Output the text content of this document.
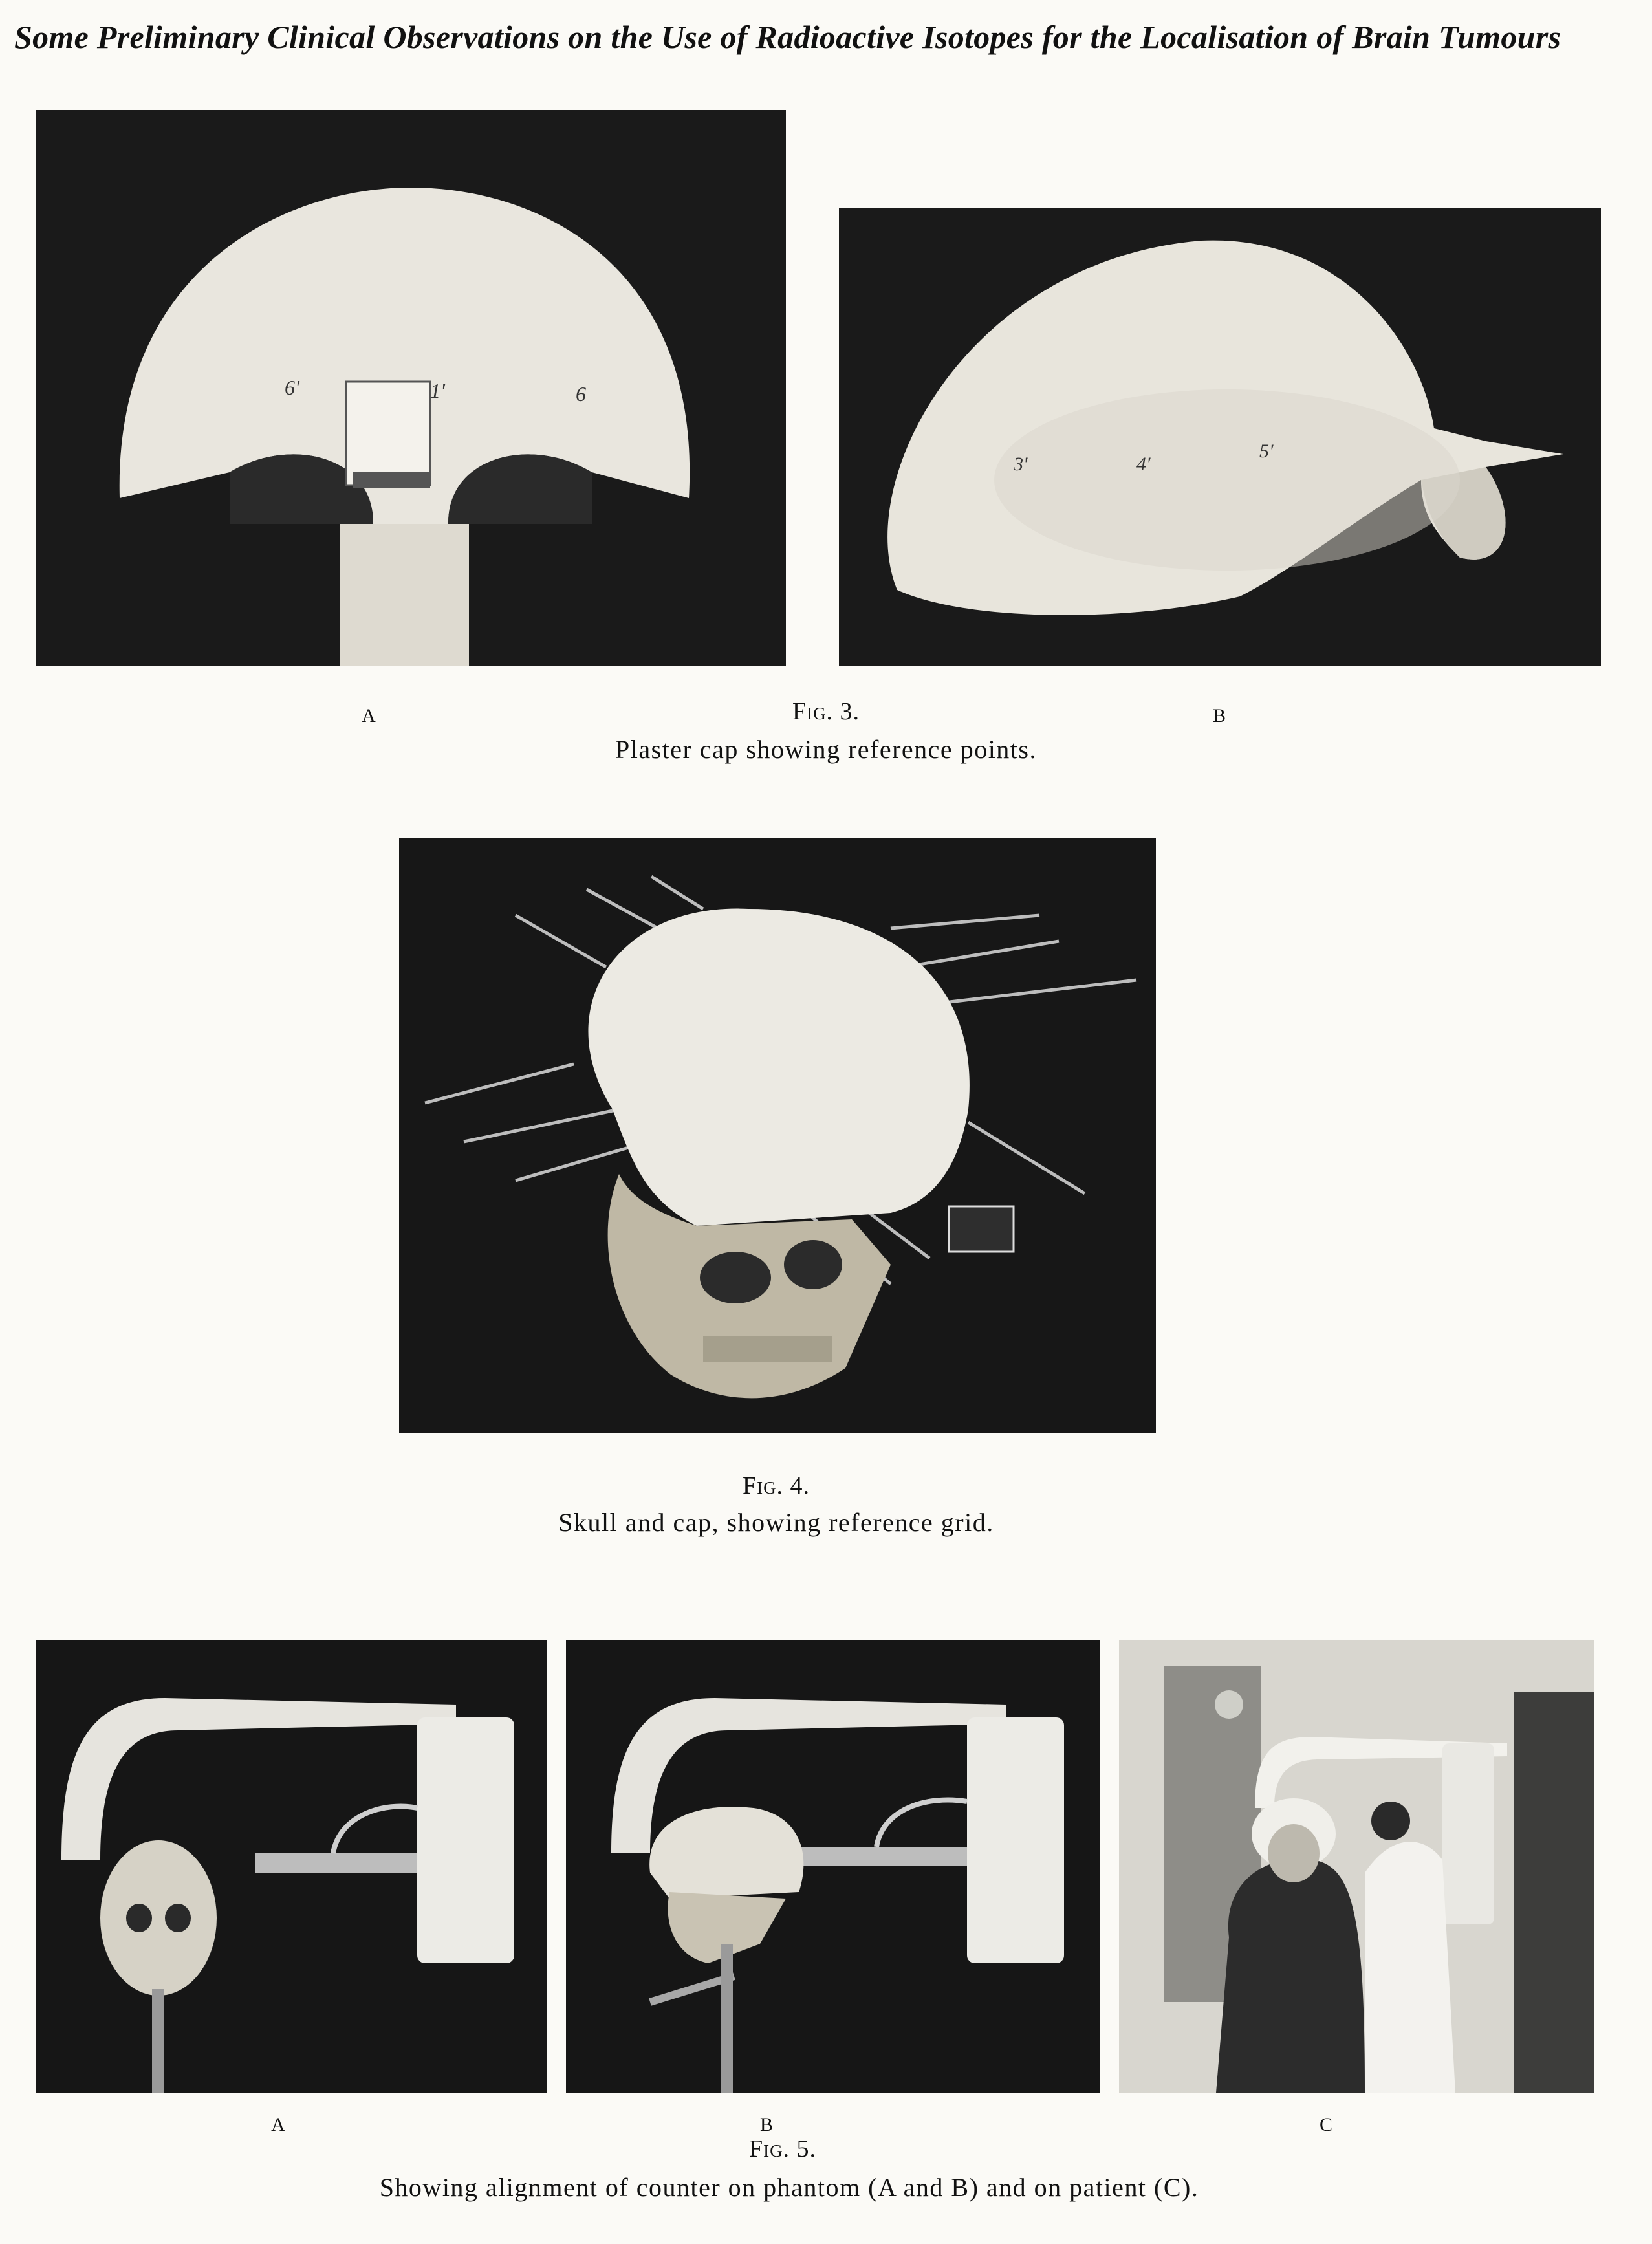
Some Preliminary Clinical Observations on the Use of Radioactive Isotopes for the Localisation of Brain Tumours
6'	1'	6
3'	4'
5'
A	B
Fig. 3.
Plaster cap showing reference points.
Fig. 4.
Skull and cap, showing reference grid.
A	B	C
Fig. 5.
Showing alignment of counter on phantom (A and B) and on patient (C).
